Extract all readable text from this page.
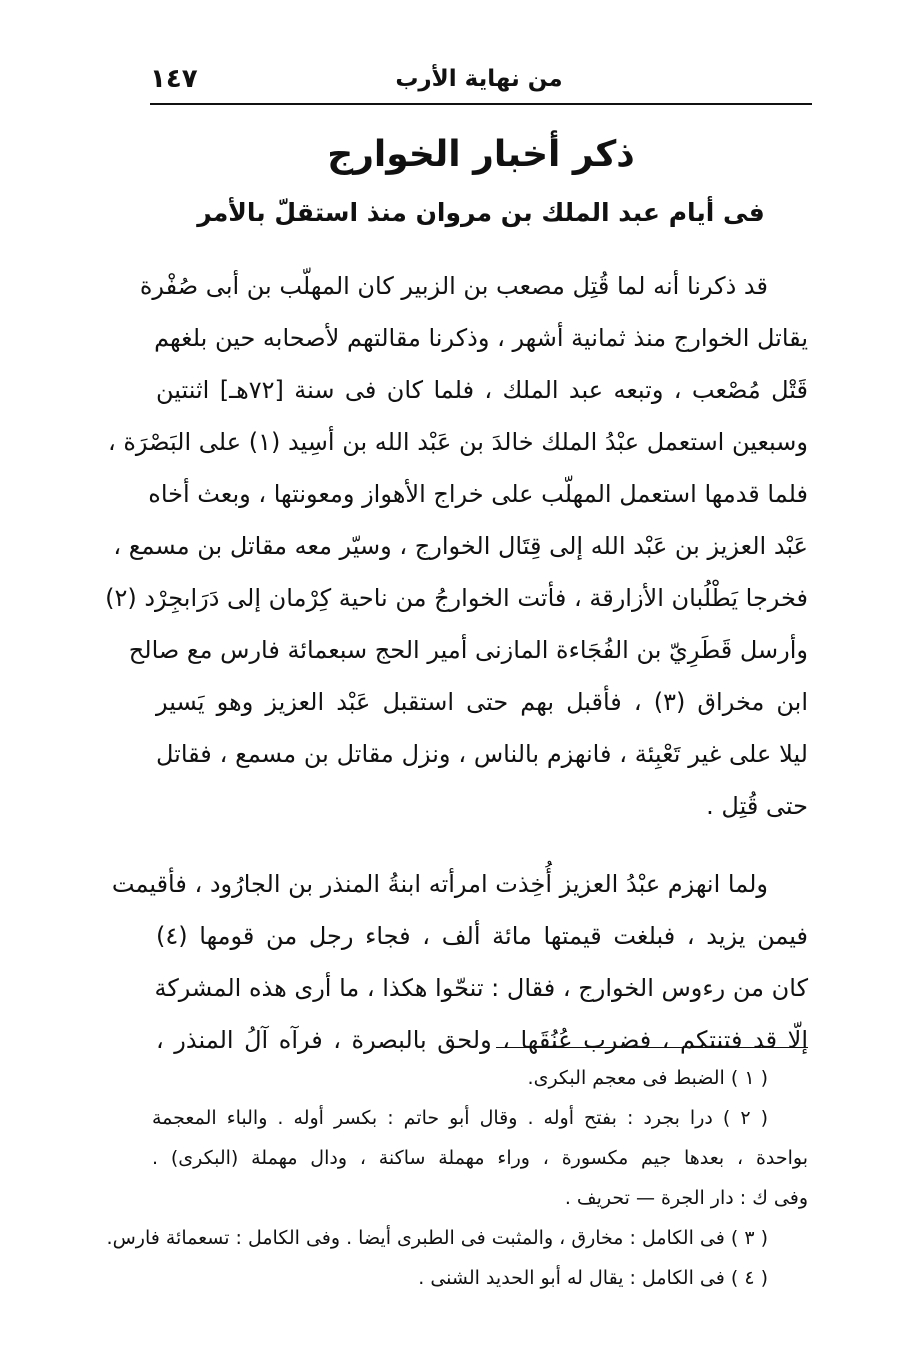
من نهاية الأرب
١٤٧
ذكر أخبار الخوارج
فى أيام عبد الملك بن مروان منذ استقلّ بالأمر
قد ذكرنا أنه لما قُتِل مصعب بن الزبير كان المهلّب بن أبى صُفْرة
يقاتل الخوارج منذ ثمانية أشهر ، وذكرنا مقالتهم لأصحابه حين بلغهم
قَتْل مُصْعب ، وتبعه عبد الملك ، فلما كان فى سنة [٧٢هـ] اثنتين
وسبعين استعمل عبْدُ الملك خالدَ بن عَبْد الله بن أسِيد (١) على البَصْرَة ،
فلما قدمها استعمل المهلّب على خراج الأهواز ومعونتها ، وبعث أخاه
عَبْد العزيز بن عَبْد الله إلى قِتَال الخوارج ، وسيّر معه مقاتل بن مسمع ،
فخرجا يَطْلُبان الأزارقة ، فأتت الخوارجُ من ناحية كِرْمان إلى دَرَابجِرْد (٢)
وأرسل قَطَرِيّ بن الفُجَاءة المازنى أمير الحج سبعمائة فارس مع صالح
ابن مخراق (٣) ، فأقبل بهم حتى استقبل عَبْد العزيز وهو يَسير
ليلا على غير تَعْبِئة ، فانهزم بالناس ، ونزل مقاتل بن مسمع ، فقاتل
حتى قُتِل .
ولما انهزم عبْدُ العزيز أُخِذت امرأته ابنةُ المنذر بن الجارُود ، فأقيمت
فيمن يزيد ، فبلغت قيمتها مائة ألف ، فجاء رجل من قومها (٤)
كان من رءوس الخوارج ، فقال : تنحّوا هكذا ، ما أرى هذه المشركة
إلّا قد فتنتكم ، فضرب عُنُقَها ، ولحق بالبصرة ، فرآه آلُ المنذر ،
( ١ ) الضبط فى معجم البكرى.
( ٢ ) درا بجرد : بفتح أوله . وقال أبو حاتم : بكسر أوله . والباء المعجمة
بواحدة ، بعدها جيم مكسورة ، وراء مهملة ساكنة ، ودال مهملة (البكرى) .
وفى ك : دار الجرة — تحريف .
( ٣ ) فى الكامل : مخارق ، والمثبت فى الطبرى أيضا . وفى الكامل : تسعمائة فارس.
( ٤ ) فى الكامل : يقال له أبو الحديد الشنى .
